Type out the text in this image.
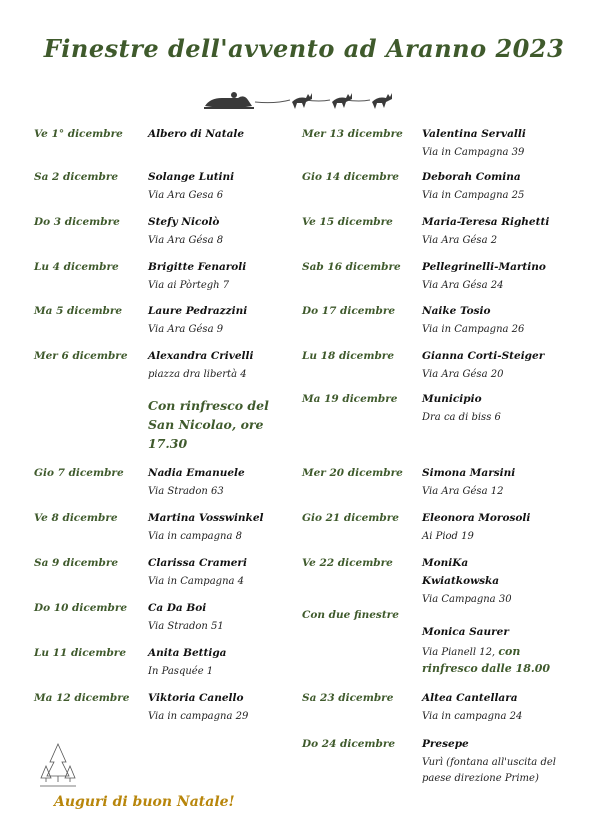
Finestre dell'avvento ad Aranno 2023
Ve 1° dicembre Albero di Natale
Sa 2 dicembre	Solange Lutini
Via Ara Gesa 6
Do 3 dicembre	Stefy Nicolò
Via Ara Gésa 8
Lu 4 dicembre	Brigitte Fenaroli
Via ai Pòrtegh 7
Ma 5 dicembre Laure Pedrazzini
Via Ara Gésa 9
Mer 6 dicembre Alexandra Crivelli
piazza dra libertà 4
Con rinfresco del San Nicolao, ore 17.30
Gio 7 dicembre Nadia Emanuele
Via Stradon 63
Ve 8 dicembre	Martina Vosswinkel
Via in campagna 8
Sa 9 dicembre	Clarissa Crameri
Via in Campagna 4
Do 10 dicembre Ca Da Boi
Via Stradon 51
Lu 11 dicembre Anita Bettiga
In Pasquée 1
Ma 12 dicembre Viktoria Canello
Via in campagna 29
Mer 13 dicembre Valentina Servalli
Via in Campagna 39
Gio 14 dicembre Deborah Comina
Via in Campagna 25
Ve 15 dicembre	Maria-Teresa Righetti
Via Ara Gésa 2
Sab 16 dicembre Pellegrinelli-Martino
Via Ara Gésa 24
Do 17 dicembre	Naike Tosio
Via in Campagna 26
Lu 18 dicembre	Gianna Corti-Steiger
Via Ara Gésa 20
Ma 19 dicembre Municipio
Dra ca di biss 6
Mer 20 dicembre Simona Marsini
Via Ara Gésa 12
Gio 21 dicembre Eleonora Morosoli
Ai Piod 19
Ve 22 dicembre	MoniKa
Kwiatkowska
Via Campagna 30
Con due finestre
Monica Saurer
Via Pianell 12, con
rinfresco dalle 18.00
Sa 23 dicembre	Altea Cantellara
Via in campagna 24
Do 24 dicembre	Presepe
Vurì (fontana all'uscita del
paese direzione Prime)
Auguri di buon Natale!
